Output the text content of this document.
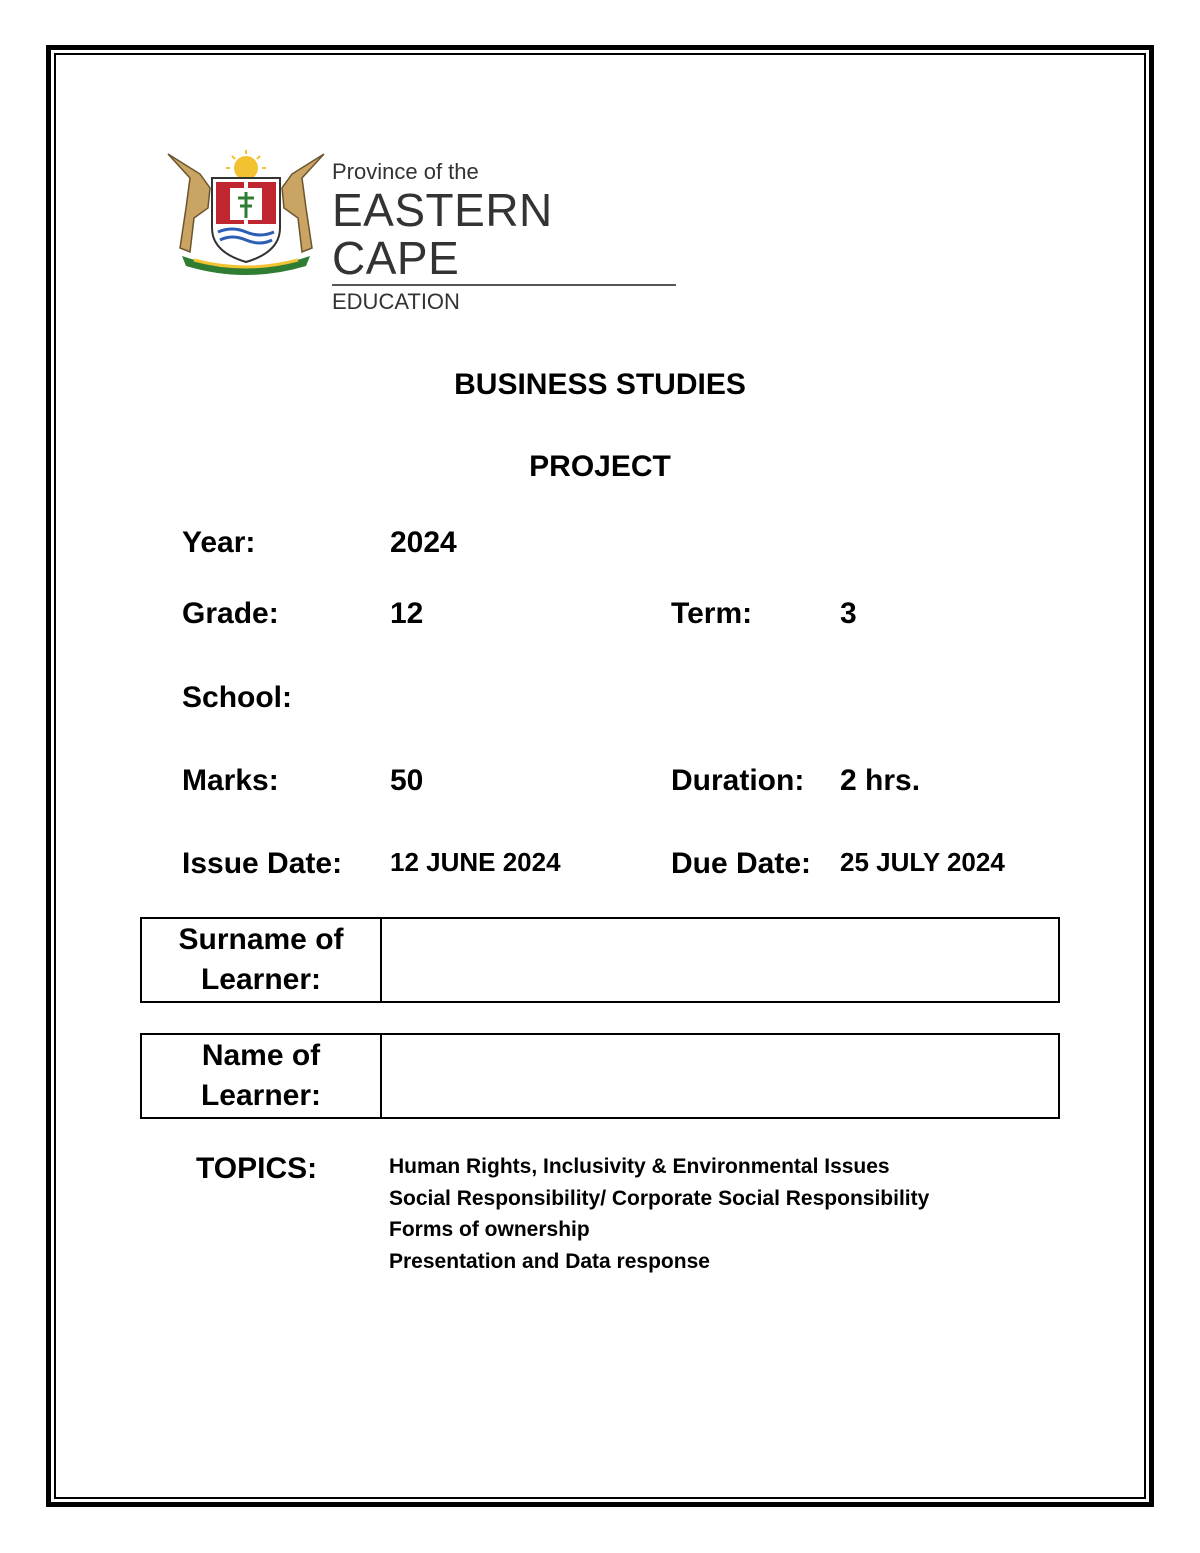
Province of the
EASTERN CAPE
EDUCATION
BUSINESS STUDIES
PROJECT
Year:	2024
Grade:	12	Term:	3
School:
Marks:	50	Duration: 2 hrs.
Issue Date: 12 JUNE 2024	Due Date: 25 JULY 2024
Surname of Learner:
Name of Learner:
TOPICS:	Human Rights, Inclusivity & Environmental Issues
Social Responsibility/ Corporate Social Responsibility
Forms of ownership
Presentation and Data response
